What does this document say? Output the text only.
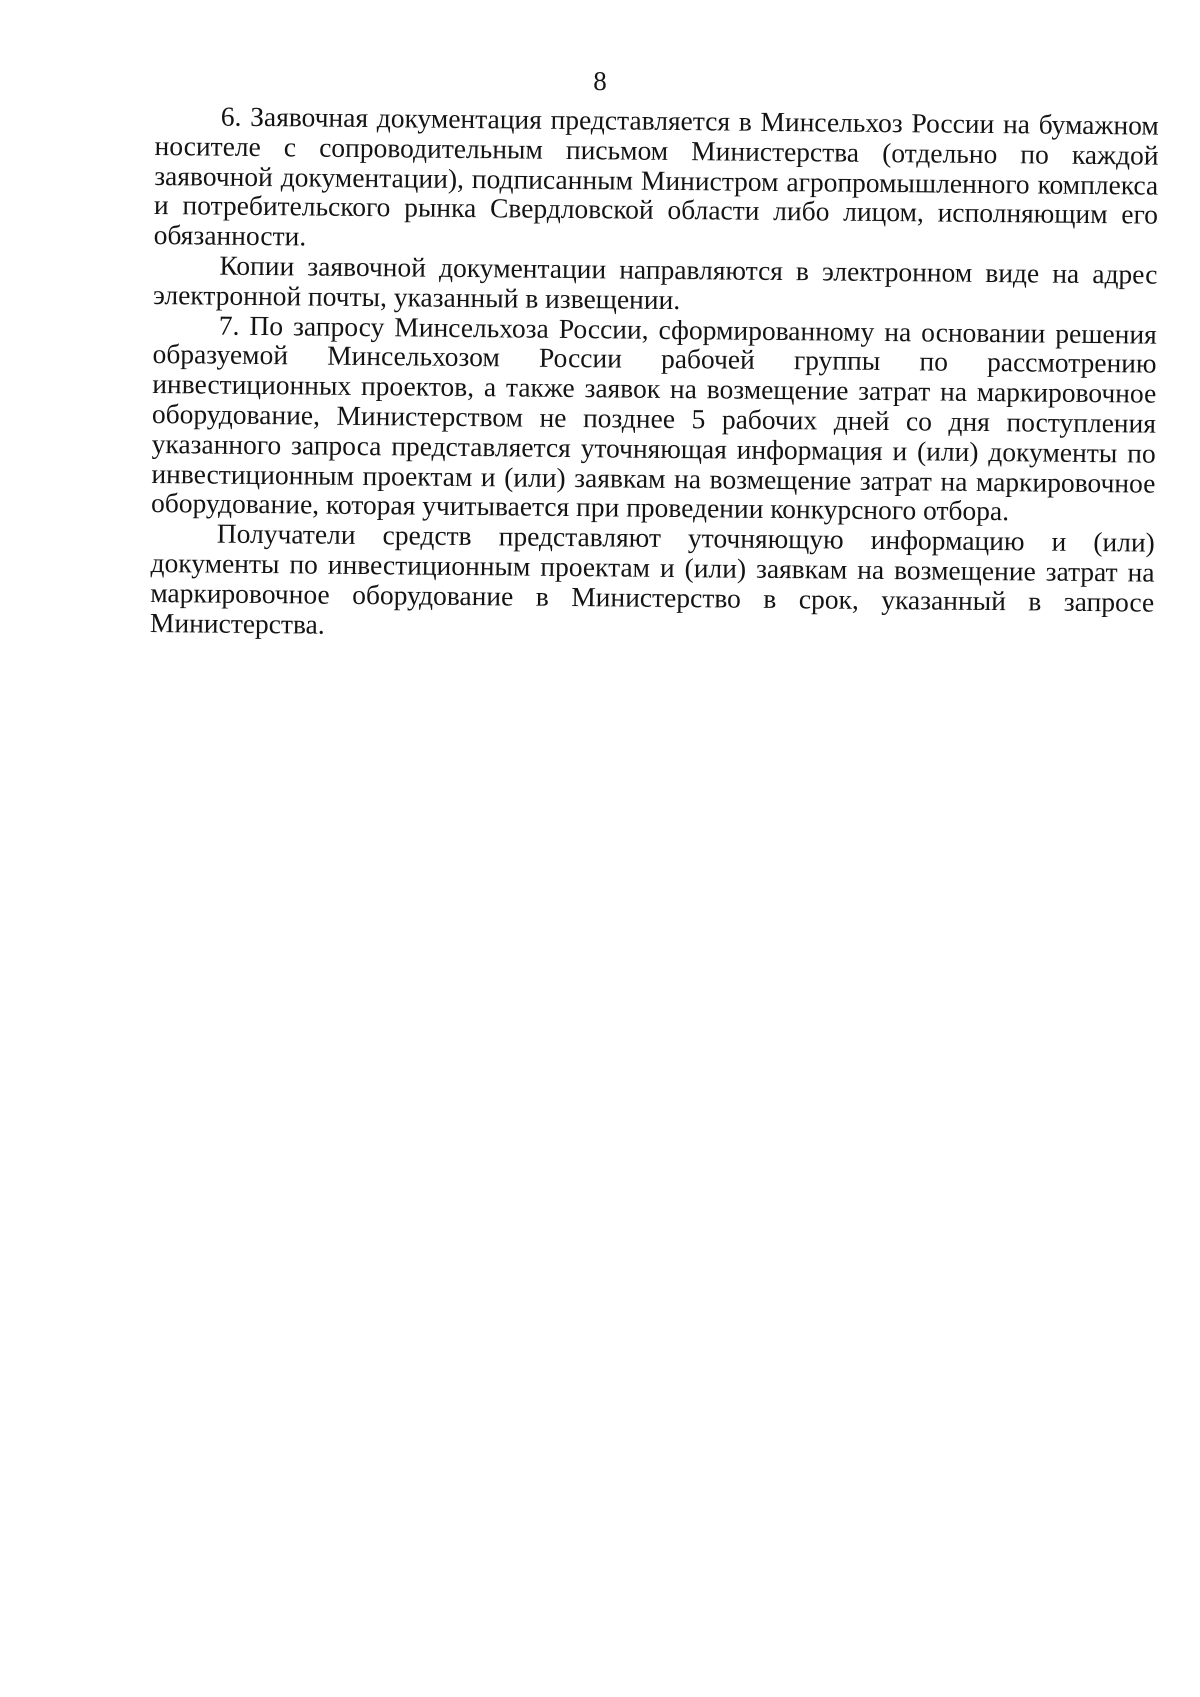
8

6. Заявочная документация представляется в Минсельхоз России на бумажном носителе с сопроводительным письмом Министерства (отдельно по каждой заявочной документации), подписанным Министром агропромышленного комплекса и потребительского рынка Свердловской области либо лицом, исполняющим его обязанности.

Копии заявочной документации направляются в электронном виде на адрес электронной почты, указанный в извещении.

7. По запросу Минсельхоза России, сформированному на основании решения образуемой Минсельхозом России рабочей группы по рассмотрению инвестиционных проектов, а также заявок на возмещение затрат на маркировочное оборудование, Министерством не позднее 5 рабочих дней со дня поступления указанного запроса представляется уточняющая информация и (или) документы по инвестиционным проектам и (или) заявкам на возмещение затрат на маркировочное оборудование, которая учитывается при проведении конкурсного отбора.

Получатели средств представляют уточняющую информацию и (или) документы по инвестиционным проектам и (или) заявкам на возмещение затрат на маркировочное оборудование в Министерство в срок, указанный в запросе Министерства.
